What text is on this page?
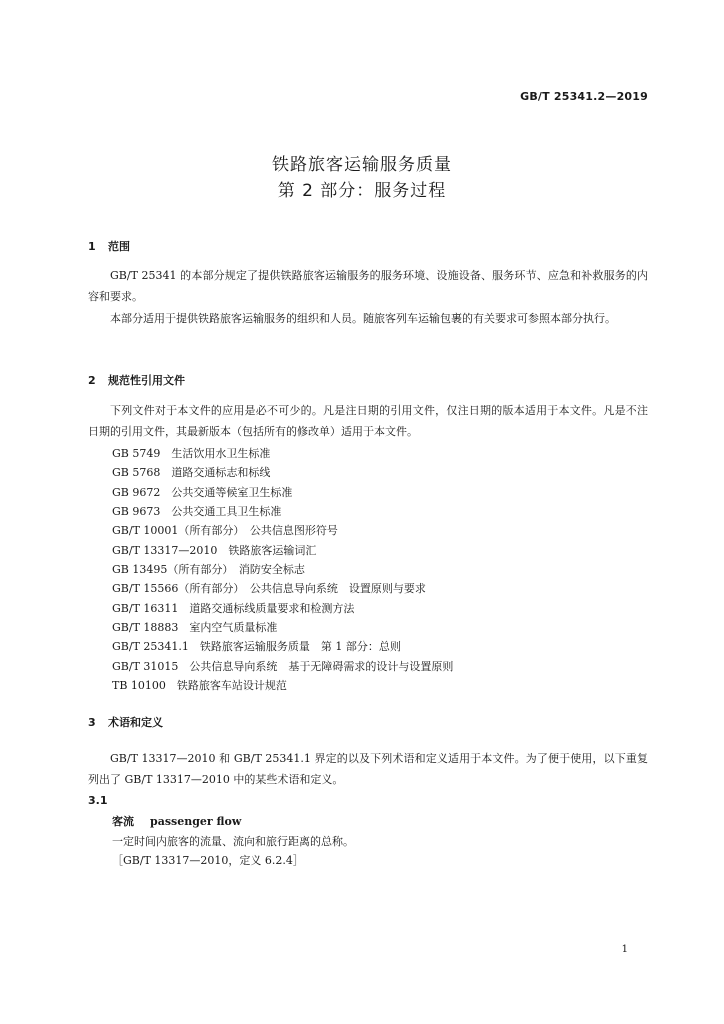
GB/T 25341.2—2019
铁路旅客运输服务质量
第 2 部分：服务过程
1 范围
GB/T 25341 的本部分规定了提供铁路旅客运输服务的服务环境、设施设备、服务环节、应急和补救服务的内容和要求。
本部分适用于提供铁路旅客运输服务的组织和人员。随旅客列车运输包裹的有关要求可参照本部分执行。
2 规范性引用文件
下列文件对于本文件的应用是必不可少的。凡是注日期的引用文件，仅注日期的版本适用于本文件。凡是不注日期的引用文件，其最新版本（包括所有的修改单）适用于本文件。
GB 5749　生活饮用水卫生标准
GB 5768　道路交通标志和标线
GB 9672　公共交通等候室卫生标准
GB 9673　公共交通工具卫生标准
GB/T 10001（所有部分）　公共信息图形符号
GB/T 13317—2010　铁路旅客运输词汇
GB 13495（所有部分）　消防安全标志
GB/T 15566（所有部分）　公共信息导向系统　设置原则与要求
GB/T 16311　道路交通标线质量要求和检测方法
GB/T 18883　室内空气质量标准
GB/T 25341.1　铁路旅客运输服务质量　第 1 部分：总则
GB/T 31015　公共信息导向系统　基于无障碍需求的设计与设置原则
TB 10100　铁路旅客车站设计规范
3 术语和定义
GB/T 13317—2010 和 GB/T 25341.1 界定的以及下列术语和定义适用于本文件。为了便于使用，以下重复列出了 GB/T 13317—2010 中的某些术语和定义。
3.1
客流 passenger flow
一定时间内旅客的流量、流向和旅行距离的总称。
［GB/T 13317—2010，定义 6.2.4］
1
